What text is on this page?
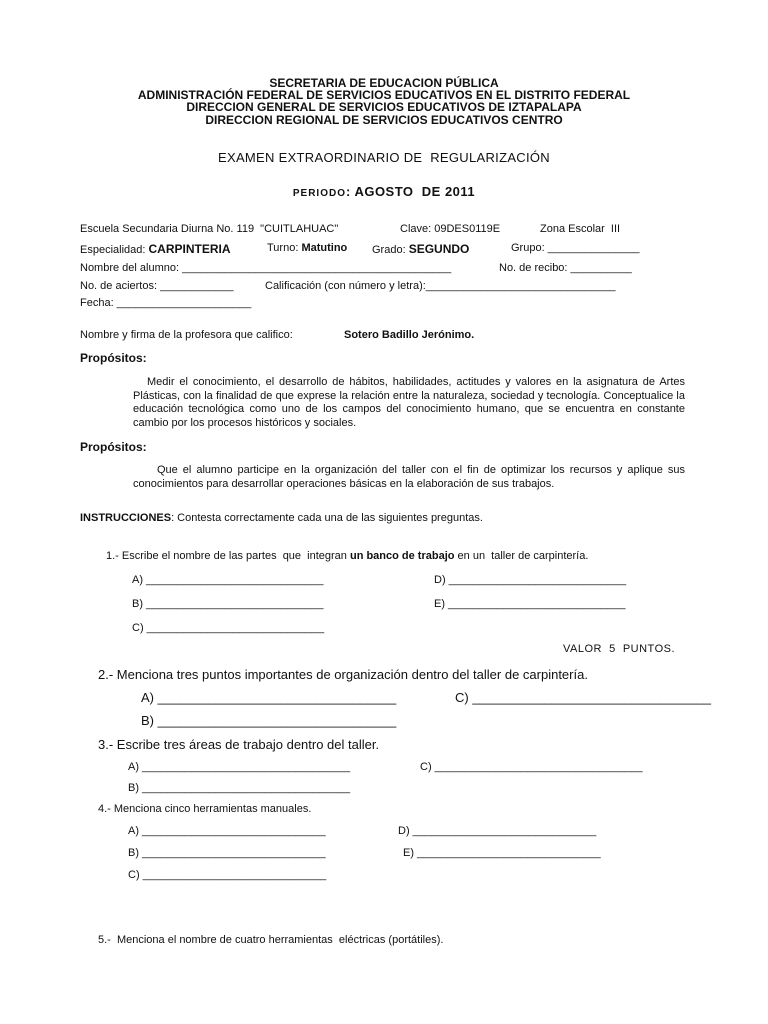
SECRETARIA DE EDUCACION PÚBLICA
ADMINISTRACIÓN FEDERAL DE SERVICIOS EDUCATIVOS EN EL DISTRITO FEDERAL
DIRECCION GENERAL DE SERVICIOS EDUCATIVOS DE IZTAPALAPA
DIRECCION REGIONAL DE SERVICIOS EDUCATIVOS CENTRO
EXAMEN EXTRAORDINARIO DE  REGULARIZACIÓN
PERIODO: AGOSTO  DE 2011
Escuela Secundaria Diurna No. 119  "CUITLAHUAC"	Clave: 09DES0119E	Zona Escolar  III
Especialidad: CARPINTERIA	Turno: Matutino Grado: SEGUNDO	Grupo: _______________
Nombre del alumno: ____________________________________________	No. de recibo: __________
No. de aciertos: ____________	Calificación (con número y letra):_______________________________
Fecha: ______________________
Nombre y firma de la profesora que califico:	Sotero Badillo Jerónimo.
Propósitos:
Medir el conocimiento, el desarrollo de hábitos, habilidades, actitudes y valores en la asignatura de Artes Plásticas, con la finalidad de que exprese la relación entre la naturaleza, sociedad y tecnología. Conceptualice la educación tecnológica como uno de los campos del conocimiento humano, que se encuentra en constante cambio por los procesos históricos y sociales.
Propósitos:
Que el alumno participe en la organización del taller con el fin de optimizar los recursos y aplique sus conocimientos para desarrollar operaciones básicas en la elaboración de sus trabajos.
INSTRUCCIONES: Contesta correctamente cada una de las siguientes preguntas.
1.- Escribe el nombre de las partes  que  integran un banco de trabajo en un  taller de carpintería.
A) _____________________________	D) _____________________________
B) _____________________________	E) _____________________________
C) _____________________________
VALOR  5  PUNTOS.
2.- Menciona tres puntos importantes de organización dentro del taller de carpintería.
A) _________________________________	C) _________________________________
B) _________________________________
3.- Escribe tres áreas de trabajo dentro del taller.
A) __________________________________	C) __________________________________
B) __________________________________
4.- Menciona cinco herramientas manuales.
A) ______________________________	D) ______________________________
B) ______________________________	E) ______________________________
C) ______________________________
5.-  Menciona el nombre de cuatro herramientas  eléctricas (portátiles).
